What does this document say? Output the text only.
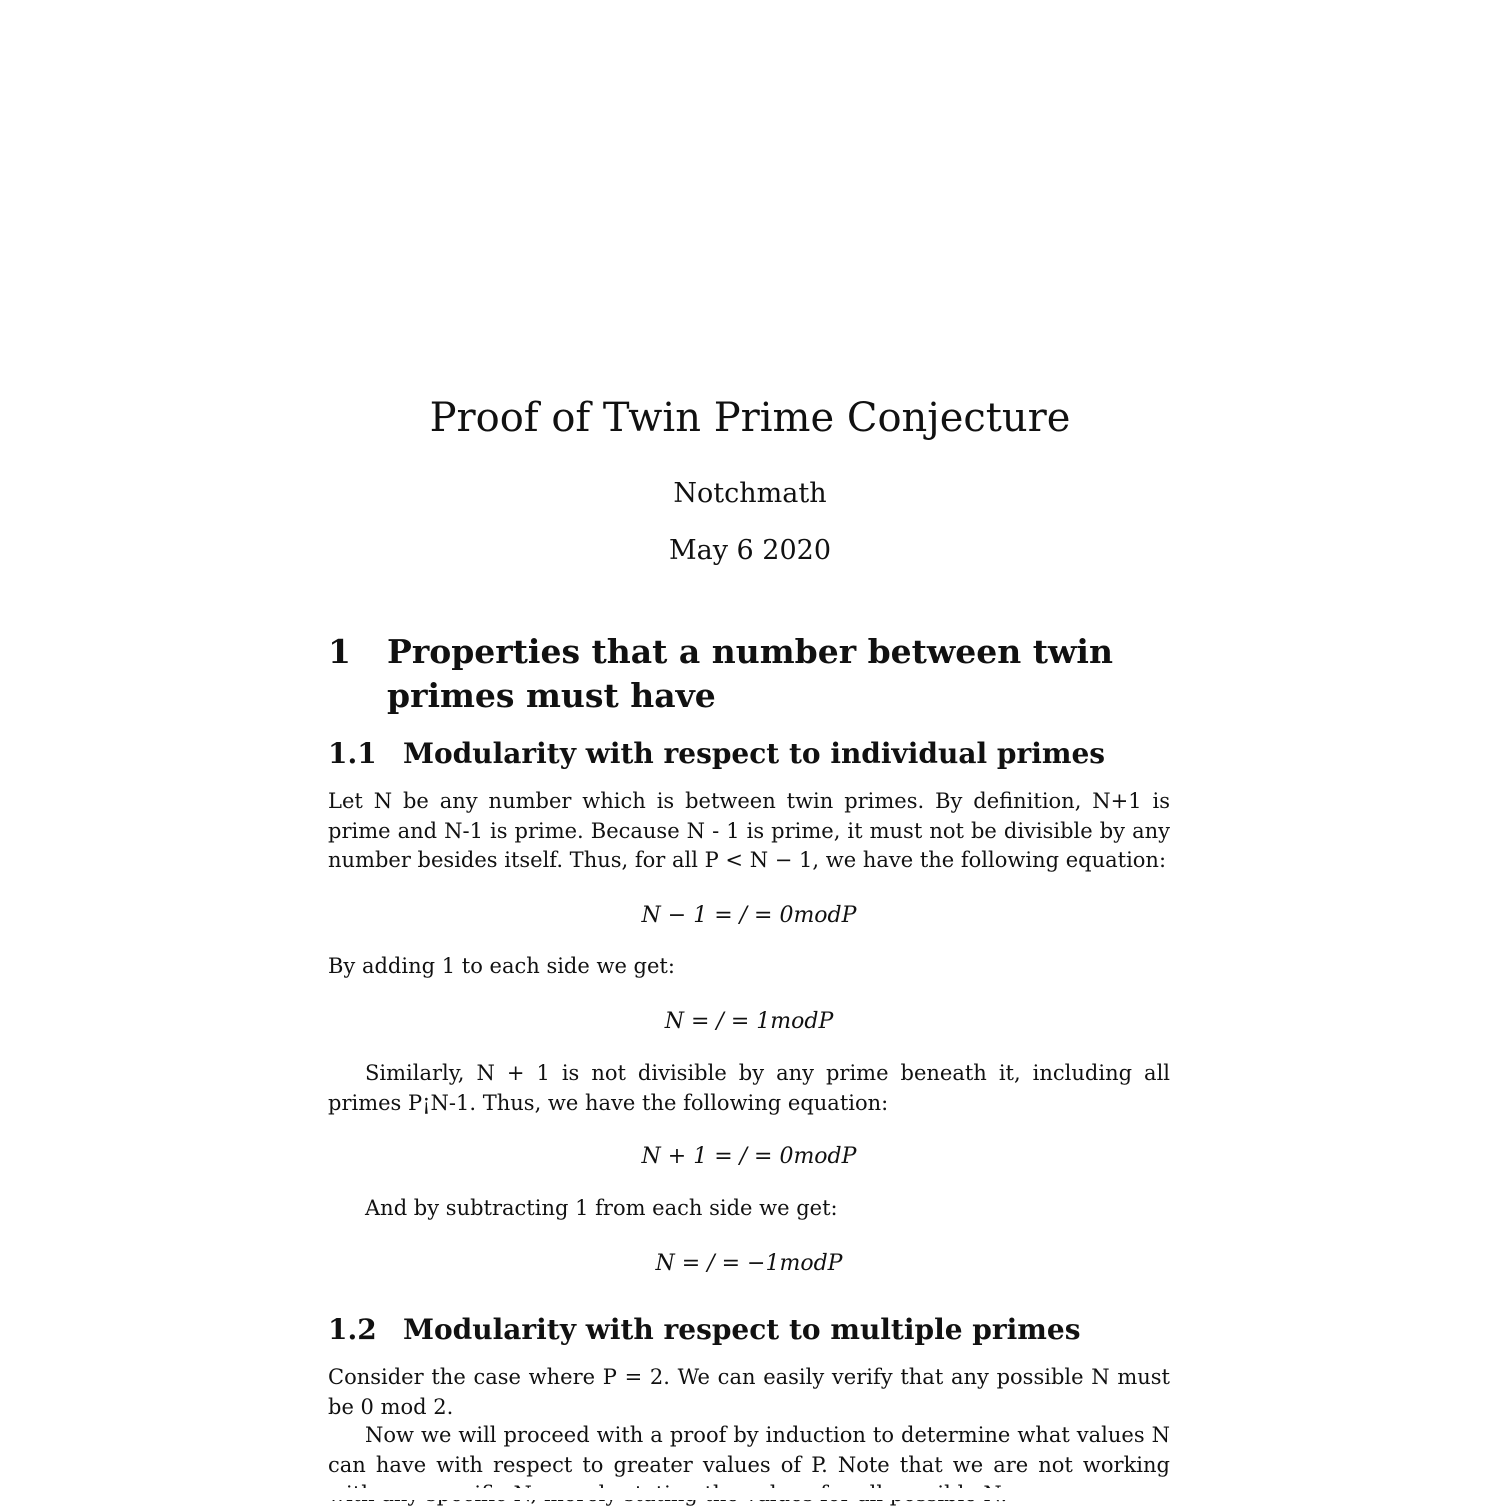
Proof of Twin Prime Conjecture
Notchmath
May 6 2020
1	Properties that a number between twin primes must have
1.1 Modularity with respect to individual primes

Let N be any number which is between twin primes. By definition, N+1 is prime and N-1 is prime. Because N - 1 is prime, it must not be divisible by any number besides itself. Thus, for all P < N − 1, we have the following equation:

N − 1 = / = 0modP

By adding 1 to each side we get:

N = / = 1modP

Similarly, N + 1 is not divisible by any prime beneath it, including all primes P¡N-1. Thus, we have the following equation:

N + 1 = / = 0modP

And by subtracting 1 from each side we get:

N = / = −1modP
1.2 Modularity with respect to multiple primes

Consider the case where P = 2. We can easily verify that any possible N must be 0 mod 2.

Now we will proceed with a proof by induction to determine what values N can have with respect to greater values of P. Note that we are not working
